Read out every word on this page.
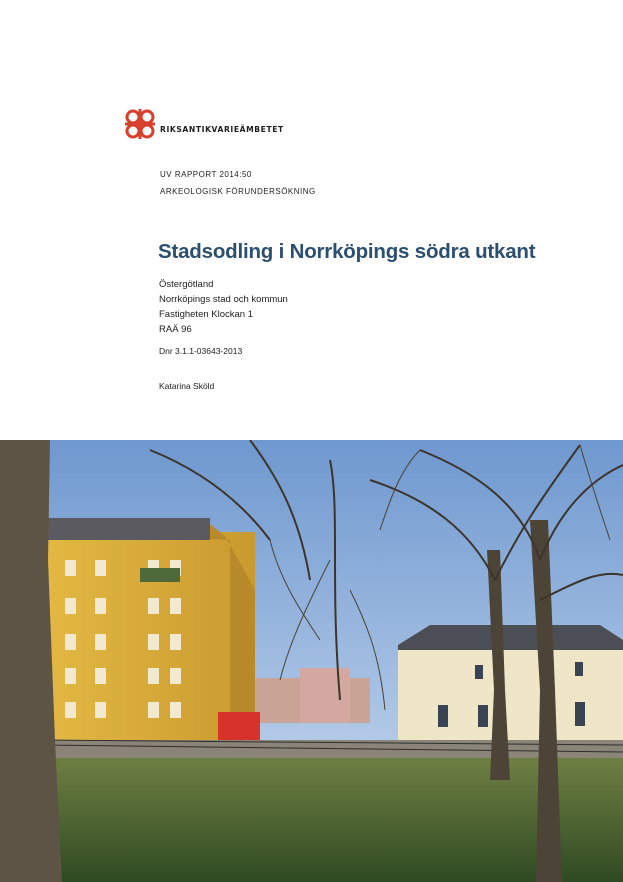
RIKSANTIKVARIEÄMBETET
UV RAPPORT 2014:50
ARKEOLOGISK FÖRUNDERSÖKNING
Stadsodling i Norrköpings södra utkant
Östergötland
Norrköpings stad och kommun
Fastigheten Klockan 1
RAÄ 96
Dnr 3.1.1-03643-2013
Katarina Sköld
